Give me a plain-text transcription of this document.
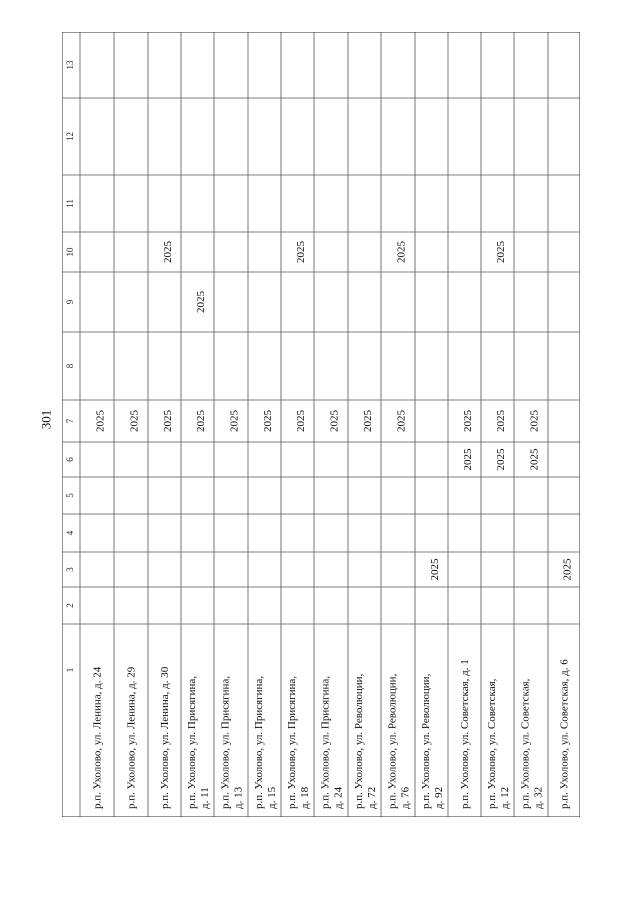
301
1
2
3
4
5
6
7
8
9
10
11
12
13
р.п. Ухолово, ул. Ленина, д. 24
2025
р.п. Ухолово, ул. Ленина, д. 29
2025
р.п. Ухолово, ул. Ленина, д. 30
2025
2025
р.п. Ухолово, ул. Присягина, д. 11
2025
2025
р.п. Ухолово, ул. Присягина, д. 13
2025
р.п. Ухолово, ул. Присягина, д. 15
2025
р.п. Ухолово, ул. Присягина, д. 18
2025
2025
р.п. Ухолово, ул. Присягина, д. 24
2025
р.п. Ухолово, ул. Революции, д. 72
2025
р.п. Ухолово, ул. Революции, д. 76
2025
2025
р.п. Ухолово, ул. Революции, д. 92
2025
р.п. Ухолово, ул. Советская, д. 1
2025
2025
р.п. Ухолово, ул. Советская, д. 12
2025
2025
2025
р.п. Ухолово, ул. Советская, д. 32
2025
2025
р.п. Ухолово, ул. Советская, д. 6
2025
